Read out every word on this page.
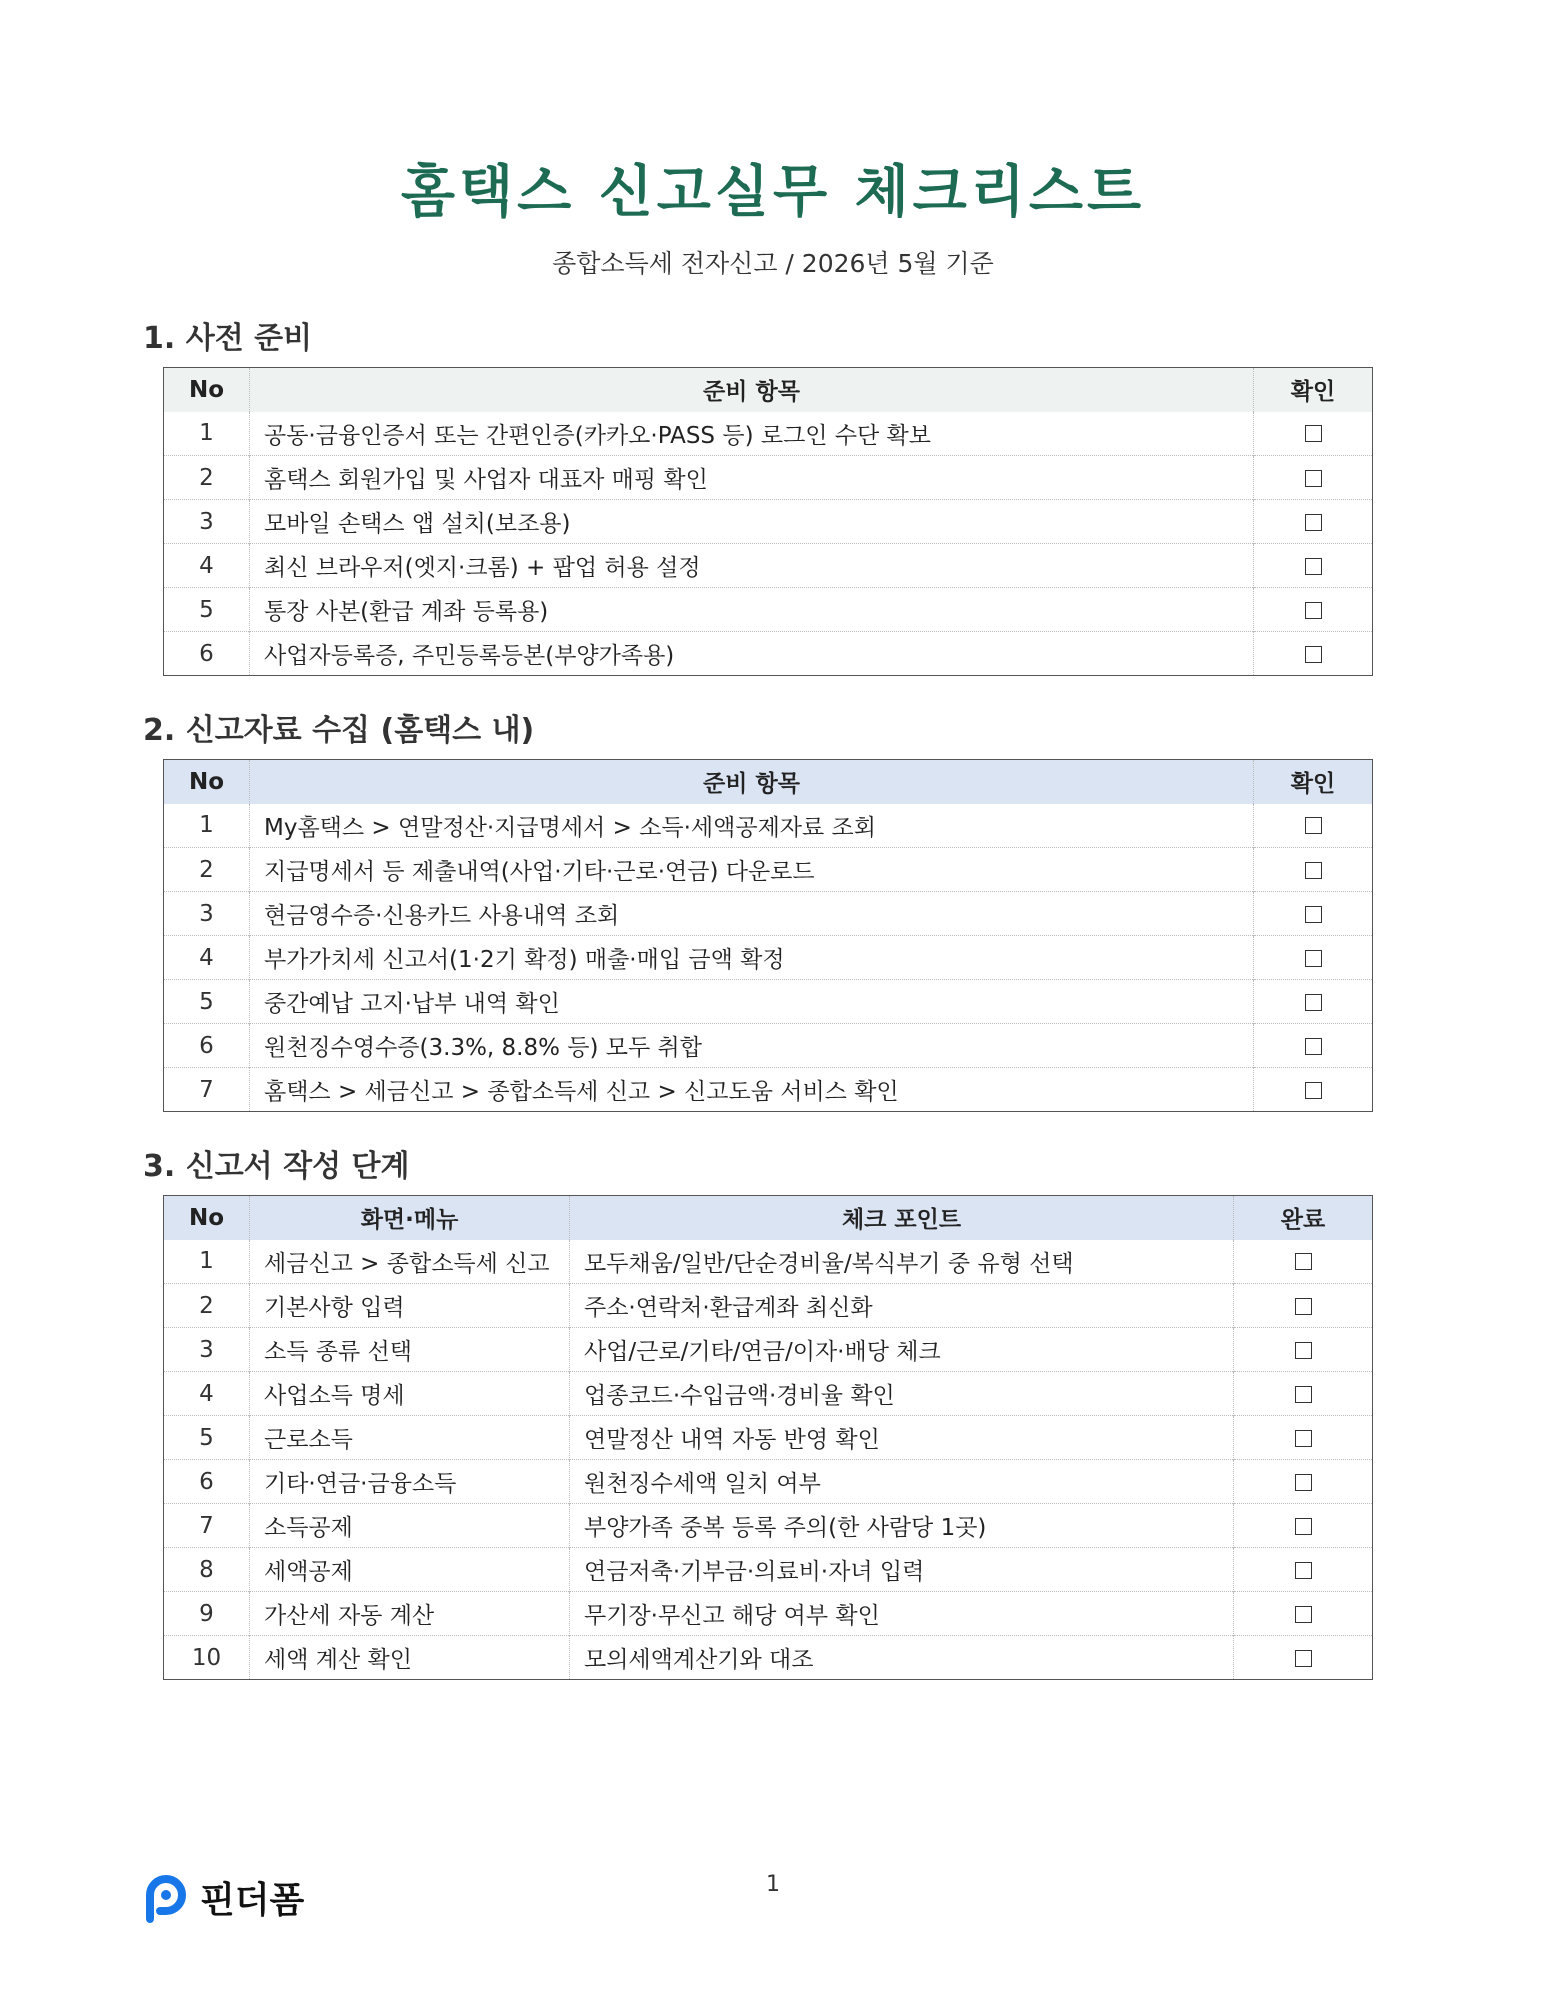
홈택스 신고실무 체크리스트
종합소득세 전자신고 / 2026년 5월 기준
1. 사전 준비
No	준비 항목	확인
1	공동·금융인증서 또는 간편인증(카카오·PASS 등) 로그인 수단 확보	
2	홈택스 회원가입 및 사업자 대표자 매핑 확인	
3	모바일 손택스 앱 설치(보조용)	
4	최신 브라우저(엣지·크롬) + 팝업 허용 설정	
5	통장 사본(환급 계좌 등록용)	
6	사업자등록증, 주민등록등본(부양가족용)	
2. 신고자료 수집 (홈택스 내)
No	준비 항목	확인
1	My홈택스 > 연말정산·지급명세서 > 소득·세액공제자료 조회	
2	지급명세서 등 제출내역(사업·기타·근로·연금) 다운로드	
3	현금영수증·신용카드 사용내역 조회	
4	부가가치세 신고서(1·2기 확정) 매출·매입 금액 확정	
5	중간예납 고지·납부 내역 확인	
6	원천징수영수증(3.3%, 8.8% 등) 모두 취합	
7	홈택스 > 세금신고 > 종합소득세 신고 > 신고도움 서비스 확인	
3. 신고서 작성 단계
No	화면·메뉴	체크 포인트	완료
1	세금신고 > 종합소득세 신고	모두채움/일반/단순경비율/복식부기 중 유형 선택	
2	기본사항 입력	주소·연락처·환급계좌 최신화	
3	소득 종류 선택	사업/근로/기타/연금/이자·배당 체크	
4	사업소득 명세	업종코드·수입금액·경비율 확인	
5	근로소득	연말정산 내역 자동 반영 확인	
6	기타·연금·금융소득	원천징수세액 일치 여부	
7	소득공제	부양가족 중복 등록 주의(한 사람당 1곳)	
8	세액공제	연금저축·기부금·의료비·자녀 입력	
9	가산세 자동 계산	무기장·무신고 해당 여부 확인	
10	세액 계산 확인	모의세액계산기와 대조	
핀더폼	1
